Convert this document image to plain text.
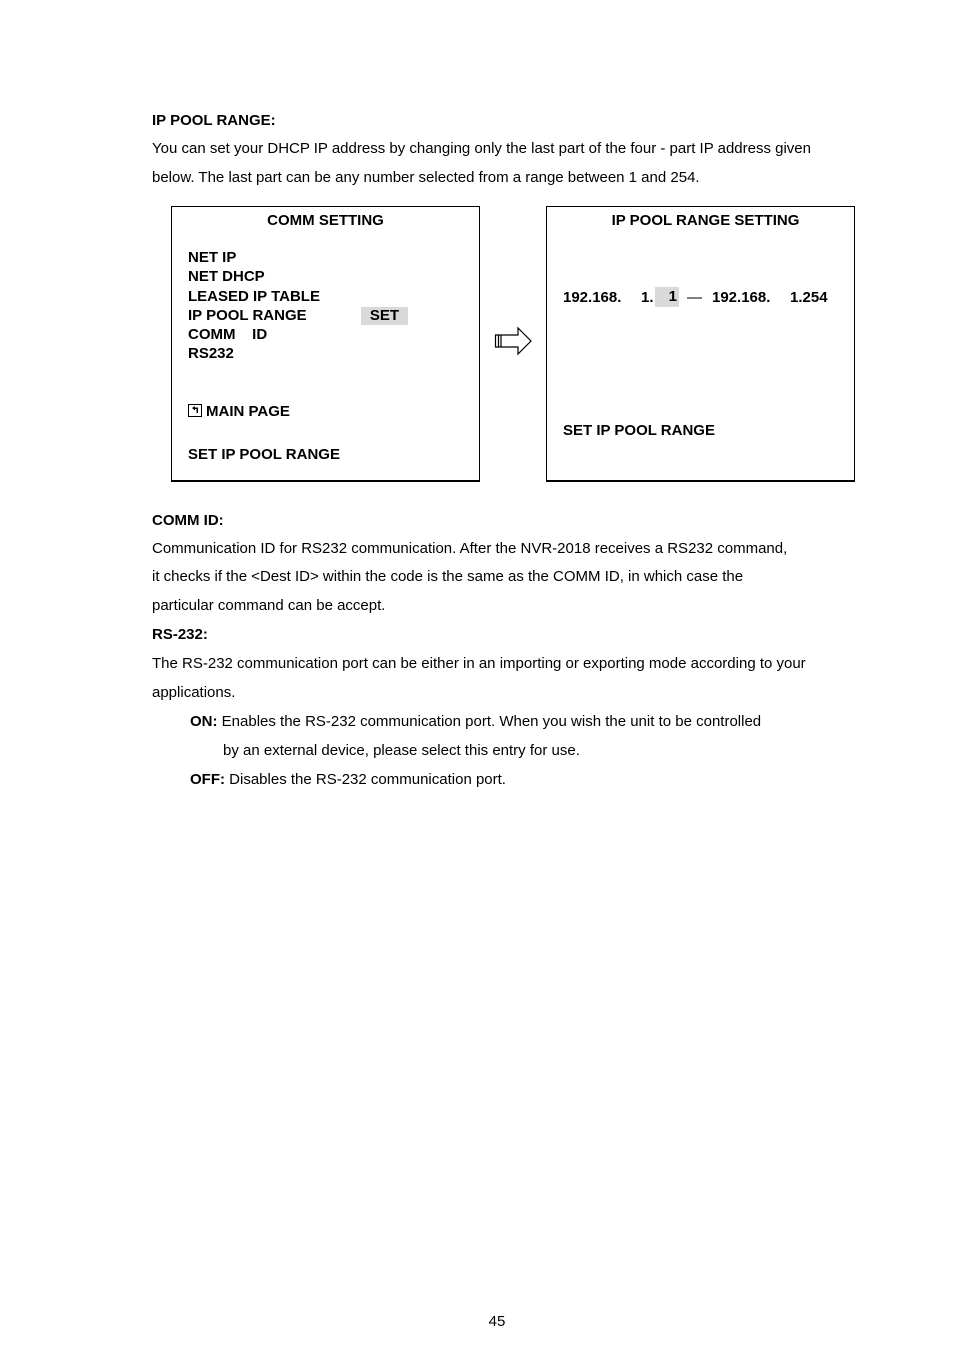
IP POOL RANGE:
You can set your DHCP IP address by changing only the last part of the four - part IP address given
below. The last part can be any number selected from a range between 1 and 254.
COMM SETTING
NET IP
NET DHCP
LEASED IP TABLE
IP POOL RANGE	SET
COMM    ID
RS232
MAIN PAGE
SET IP POOL RANGE
IP POOL RANGE SETTING
192.168. 1.	1 — 192.168. 1.254
SET IP POOL RANGE
COMM ID:
Communication ID for RS232 communication. After the NVR-2018 receives a RS232 command,
it checks if the <Dest ID> within the code is the same as the COMM ID, in which case the
particular command can be accept.
RS-232:
The RS-232 communication port can be either in an importing or exporting mode according to your
applications.
ON: Enables the RS-232 communication port. When you wish the unit to be controlled
by an external device, please select this entry for use.
OFF: Disables the RS-232 communication port.
45
